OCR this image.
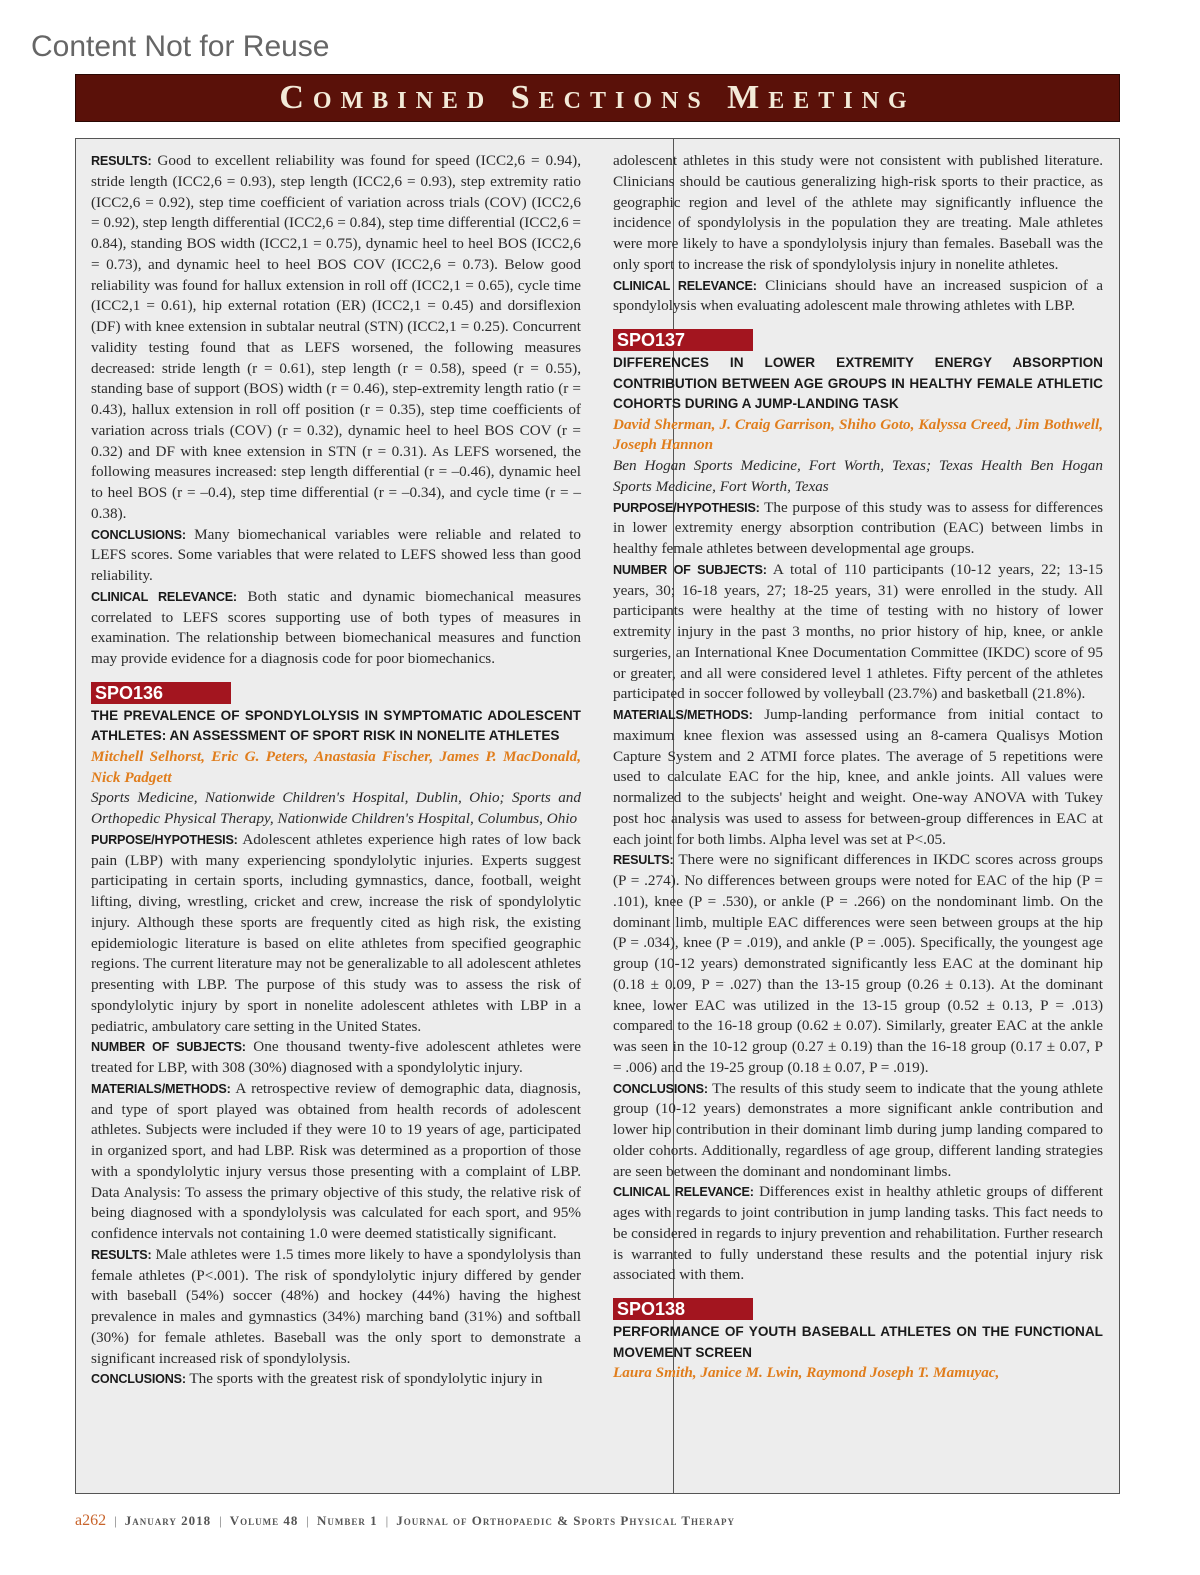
Content Not for Reuse
Combined Sections Meeting

RESULTS: Good to excellent reliability was found for speed (ICC2,6 = 0.94), stride length (ICC2,6 = 0.93), step length (ICC2,6 = 0.93), step extremity ratio (ICC2,6 = 0.92), step time coefficient of variation across trials (COV) (ICC2,6 = 0.92), step length differential (ICC2,6 = 0.84), step time differential (ICC2,6 = 0.84), standing BOS width (ICC2,1 = 0.75), dynamic heel to heel BOS (ICC2,6 = 0.73), and dynamic heel to heel BOS COV (ICC2,6 = 0.73). Below good reliability was found for hallux extension in roll off (ICC2,1 = 0.65), cycle time (ICC2,1 = 0.61), hip external rotation (ER) (ICC2,1 = 0.45) and dorsiflexion (DF) with knee extension in subtalar neutral (STN) (ICC2,1 = 0.25). Concurrent validity testing found that as LEFS worsened, the following measures decreased: stride length (r = 0.61), step length (r = 0.58), speed (r = 0.55), standing base of support (BOS) width (r = 0.46), step-extremity length ratio (r = 0.43), hallux extension in roll off position (r = 0.35), step time coefficients of variation across trials (COV) (r = 0.32), dynamic heel to heel BOS COV (r = 0.32) and DF with knee extension in STN (r = 0.31). As LEFS worsened, the following measures increased: step length differential (r = –0.46), dynamic heel to heel BOS (r = –0.4), step time differential (r = –0.34), and cycle time (r = –0.38).

CONCLUSIONS: Many biomechanical variables were reliable and related to LEFS scores. Some variables that were related to LEFS showed less than good reliability.

CLINICAL RELEVANCE: Both static and dynamic biomechanical measures correlated to LEFS scores supporting use of both types of measures in examination. The relationship between biomechanical measures and function may provide evidence for a diagnosis code for poor biomechanics.

SPO136

THE PREVALENCE OF SPONDYLOLYSIS IN SYMPTOMATIC ADOLESCENT ATHLETES: AN ASSESSMENT OF SPORT RISK IN NONELITE ATHLETES

Mitchell Selhorst, Eric G. Peters, Anastasia Fischer, James P. MacDonald, Nick Padgett

Sports Medicine, Nationwide Children's Hospital, Dublin, Ohio; Sports and Orthopedic Physical Therapy, Nationwide Children's Hospital, Columbus, Ohio

PURPOSE/HYPOTHESIS: Adolescent athletes experience high rates of low back pain (LBP) with many experiencing spondylolytic injuries. Experts suggest participating in certain sports, including gymnastics, dance, football, weight lifting, diving, wrestling, cricket and crew, increase the risk of spondylolytic injury. Although these sports are frequently cited as high risk, the existing epidemiologic literature is based on elite athletes from specified geographic regions. The current literature may not be generalizable to all adolescent athletes presenting with LBP. The purpose of this study was to assess the risk of spondylolytic injury by sport in nonelite adolescent athletes with LBP in a pediatric, ambulatory care setting in the United States.

NUMBER OF SUBJECTS: One thousand twenty-five adolescent athletes were treated for LBP, with 308 (30%) diagnosed with a spondylolytic injury.

MATERIALS/METHODS: A retrospective review of demographic data, diagnosis, and type of sport played was obtained from health records of adolescent athletes. Subjects were included if they were 10 to 19 years of age, participated in organized sport, and had LBP. Risk was determined as a proportion of those with a spondylolytic injury versus those presenting with a complaint of LBP. Data Analysis: To assess the primary objective of this study, the relative risk of being diagnosed with a spondylolysis was calculated for each sport, and 95% confidence intervals not containing 1.0 were deemed statistically significant.

RESULTS: Male athletes were 1.5 times more likely to have a spondylolysis than female athletes (P<.001). The risk of spondylolytic injury differed by gender with baseball (54%) soccer (48%) and hockey (44%) having the highest prevalence in males and gymnastics (34%) marching band (31%) and softball (30%) for female athletes. Baseball was the only sport to demonstrate a significant increased risk of spondylolysis.

CONCLUSIONS: The sports with the greatest risk of spondylolytic injury in

adolescent athletes in this study were not consistent with published literature. Clinicians should be cautious generalizing high-risk sports to their practice, as geographic region and level of the athlete may significantly influence the incidence of spondylolysis in the population they are treating. Male athletes were more likely to have a spondylolysis injury than females. Baseball was the only sport to increase the risk of spondylolysis injury in nonelite athletes.

CLINICAL RELEVANCE: Clinicians should have an increased suspicion of a spondylolysis when evaluating adolescent male throwing athletes with LBP.

SPO137

DIFFERENCES IN LOWER EXTREMITY ENERGY ABSORPTION CONTRIBUTION BETWEEN AGE GROUPS IN HEALTHY FEMALE ATHLETIC COHORTS DURING A JUMP-LANDING TASK

David Sherman, J. Craig Garrison, Shiho Goto, Kalyssa Creed, Jim Bothwell, Joseph Hannon

Ben Hogan Sports Medicine, Fort Worth, Texas; Texas Health Ben Hogan Sports Medicine, Fort Worth, Texas

PURPOSE/HYPOTHESIS: The purpose of this study was to assess for differences in lower extremity energy absorption contribution (EAC) between limbs in healthy female athletes between developmental age groups.

NUMBER OF SUBJECTS: A total of 110 participants (10-12 years, 22; 13-15 years, 30; 16-18 years, 27; 18-25 years, 31) were enrolled in the study. All participants were healthy at the time of testing with no history of lower extremity injury in the past 3 months, no prior history of hip, knee, or ankle surgeries, an International Knee Documentation Committee (IKDC) score of 95 or greater, and all were considered level 1 athletes. Fifty percent of the athletes participated in soccer followed by volleyball (23.7%) and basketball (21.8%).

MATERIALS/METHODS: Jump-landing performance from initial contact to maximum knee flexion was assessed using an 8-camera Qualisys Motion Capture System and 2 ATMI force plates. The average of 5 repetitions were used to calculate EAC for the hip, knee, and ankle joints. All values were normalized to the subjects' height and weight. One-way ANOVA with Tukey post hoc analysis was used to assess for between-group differences in EAC at each joint for both limbs. Alpha level was set at P<.05.

RESULTS: There were no significant differences in IKDC scores across groups (P = .274). No differences between groups were noted for EAC of the hip (P = .101), knee (P = .530), or ankle (P = .266) on the nondominant limb. On the dominant limb, multiple EAC differences were seen between groups at the hip (P = .034), knee (P = .019), and ankle (P = .005). Specifically, the youngest age group (10-12 years) demonstrated significantly less EAC at the dominant hip (0.18 ± 0.09, P = .027) than the 13-15 group (0.26 ± 0.13). At the dominant knee, lower EAC was utilized in the 13-15 group (0.52 ± 0.13, P = .013) compared to the 16-18 group (0.62 ± 0.07). Similarly, greater EAC at the ankle was seen in the 10-12 group (0.27 ± 0.19) than the 16-18 group (0.17 ± 0.07, P = .006) and the 19-25 group (0.18 ± 0.07, P = .019).

CONCLUSIONS: The results of this study seem to indicate that the young athlete group (10-12 years) demonstrates a more significant ankle contribution and lower hip contribution in their dominant limb during jump landing compared to older cohorts. Additionally, regardless of age group, different landing strategies are seen between the dominant and nondominant limbs.

CLINICAL RELEVANCE: Differences exist in healthy athletic groups of different ages with regards to joint contribution in jump landing tasks. This fact needs to be considered in regards to injury prevention and rehabilitation. Further research is warranted to fully understand these results and the potential injury risk associated with them.

SPO138

PERFORMANCE OF YOUTH BASEBALL ATHLETES ON THE FUNCTIONAL MOVEMENT SCREEN

Laura Smith, Janice M. Lwin, Raymond Joseph T. Mamuyac,

a262 | January 2018 | Volume 48 | Number 1 | Journal of Orthopaedic & Sports Physical Therapy
